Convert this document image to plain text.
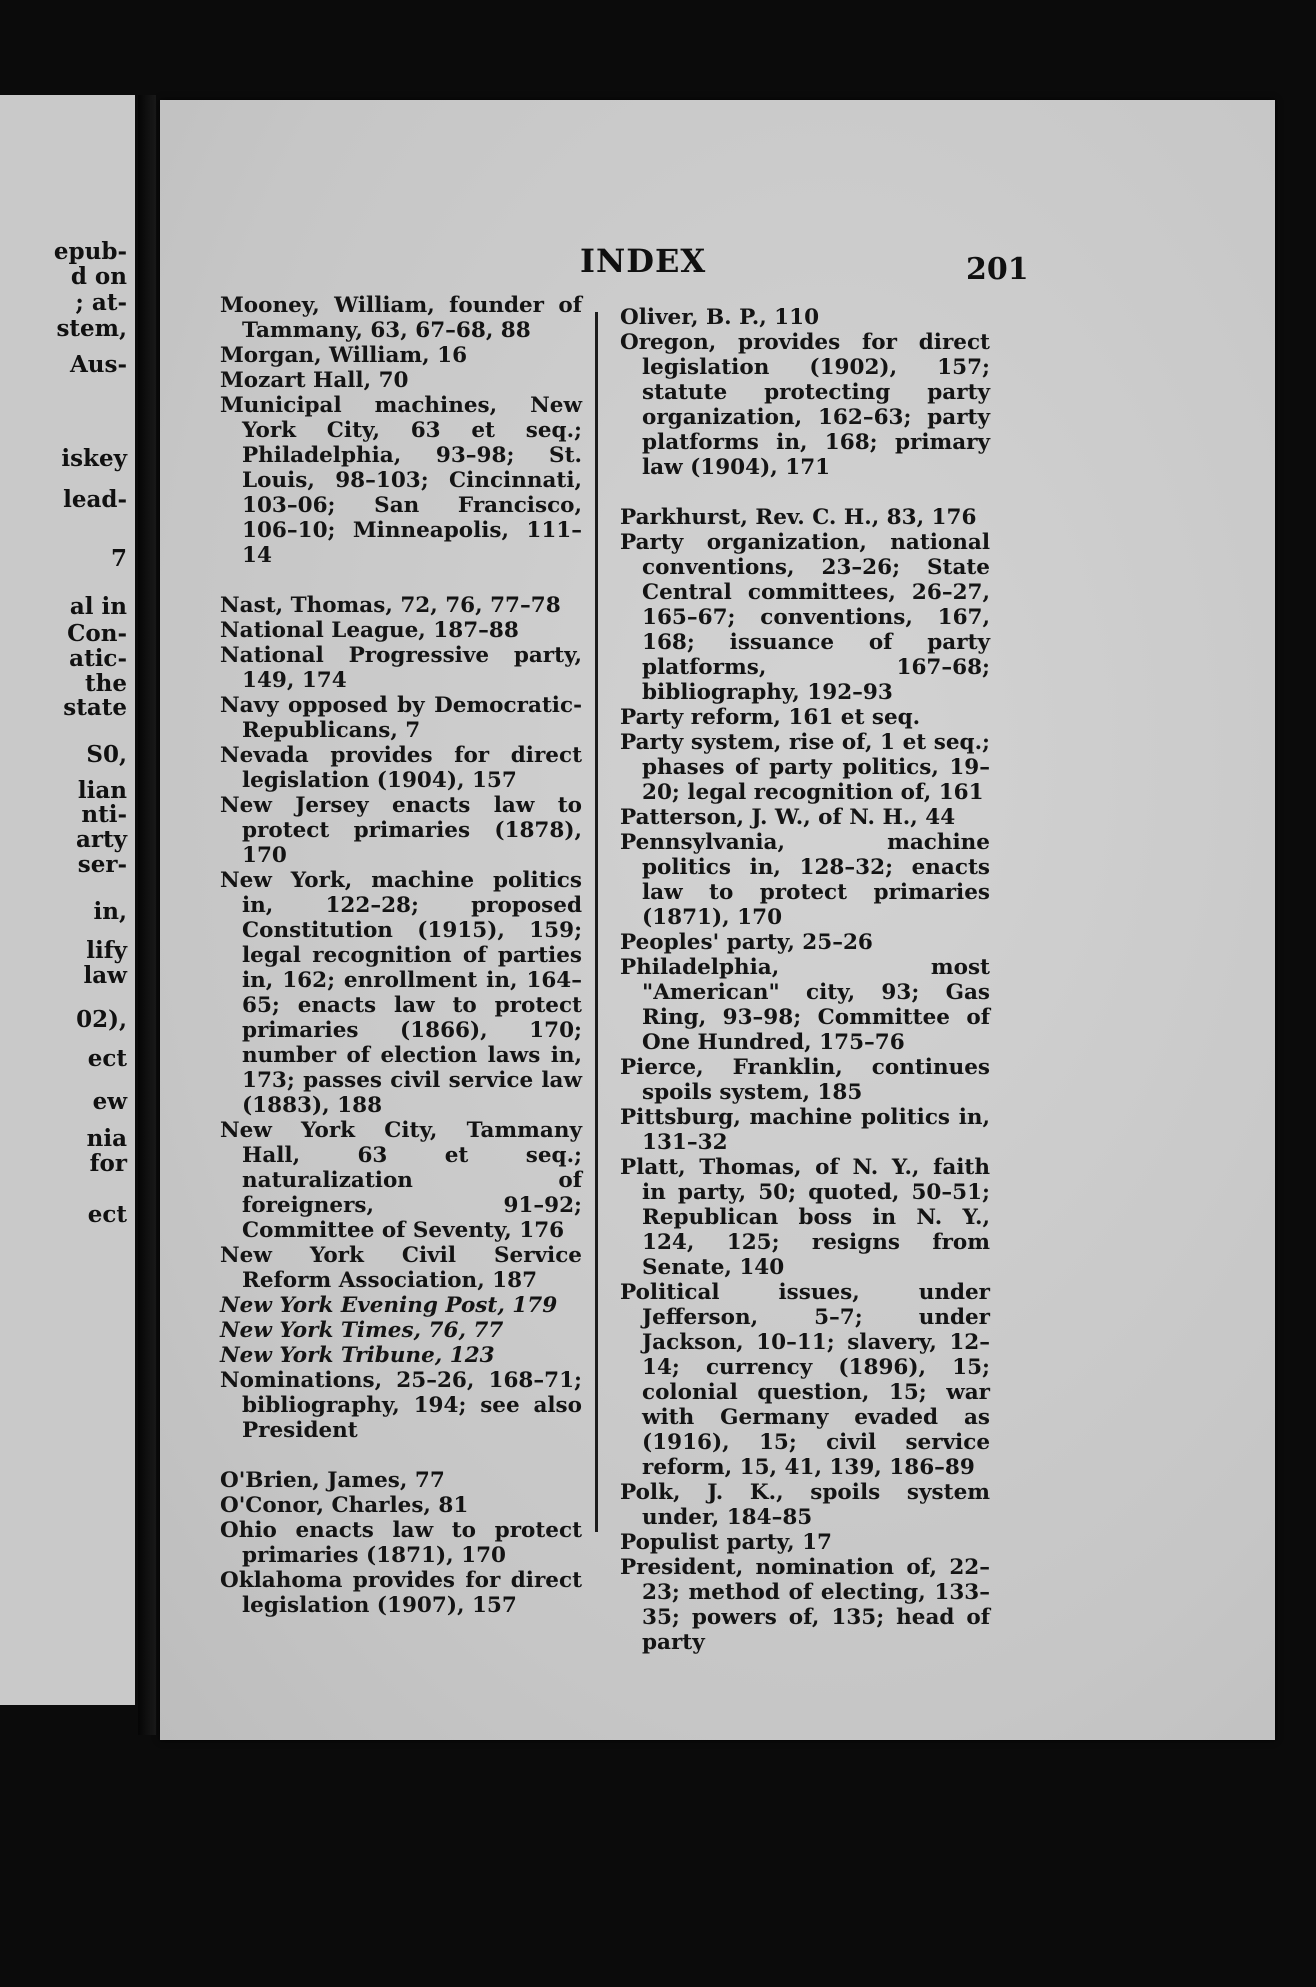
epub-
d on
; at-
stem,
Aus-
iskey
lead-
7
al in
Con-
atic-
the
state
S0,
lian
nti-
arty
ser-
in,
lify
law
02),
ect
ew
nia
for
ect
INDEX	201

Mooney, William, founder of Tammany, 63, 67–68, 88

Morgan, William, 16

Mozart Hall, 70

Municipal machines, New York City, 63 et seq.; Philadelphia, 93–98; St. Louis, 98–103; Cincinnati, 103–06; San Francisco, 106–10; Minneapolis, 111–14

Nast, Thomas, 72, 76, 77–78

National League, 187–88

National Progressive party, 149, 174

Navy opposed by Democratic-Republicans, 7

Nevada provides for direct legislation (1904), 157

New Jersey enacts law to protect primaries (1878), 170

New York, machine politics in, 122–28; proposed Constitution (1915), 159; legal recognition of parties in, 162; enrollment in, 164–65; enacts law to protect primaries (1866), 170; number of election laws in, 173; passes civil service law (1883), 188

New York City, Tammany Hall, 63 et seq.; naturalization of foreigners, 91–92; Committee of Seventy, 176

New York Civil Service Reform Association, 187

New York Evening Post, 179

New York Times, 76, 77

New York Tribune, 123

Nominations, 25–26, 168–71; bibliography, 194; see also President

O'Brien, James, 77

O'Conor, Charles, 81

Ohio enacts law to protect primaries (1871), 170

Oklahoma provides for direct legislation (1907), 157

Oliver, B. P., 110

Oregon, provides for direct legislation (1902), 157; statute protecting party organization, 162–63; party platforms in, 168; primary law (1904), 171

Parkhurst, Rev. C. H., 83, 176

Party organization, national conventions, 23–26; State Central committees, 26–27, 165–67; conventions, 167, 168; issuance of party platforms, 167–68; bibliography, 192–93

Party reform, 161 et seq.

Party system, rise of, 1 et seq.; phases of party politics, 19–20; legal recognition of, 161

Patterson, J. W., of N. H., 44

Pennsylvania, machine politics in, 128–32; enacts law to protect primaries (1871), 170

Peoples' party, 25–26

Philadelphia, most "American" city, 93; Gas Ring, 93–98; Committee of One Hundred, 175–76

Pierce, Franklin, continues spoils system, 185

Pittsburg, machine politics in, 131–32

Platt, Thomas, of N. Y., faith in party, 50; quoted, 50–51; Republican boss in N. Y., 124, 125; resigns from Senate, 140

Political issues, under Jefferson, 5–7; under Jackson, 10–11; slavery, 12–14; currency (1896), 15; colonial question, 15; war with Germany evaded as (1916), 15; civil service reform, 15, 41, 139, 186–89

Polk, J. K., spoils system under, 184–85

Populist party, 17

President, nomination of, 22–23; method of electing, 133–35; powers of, 135; head of party
